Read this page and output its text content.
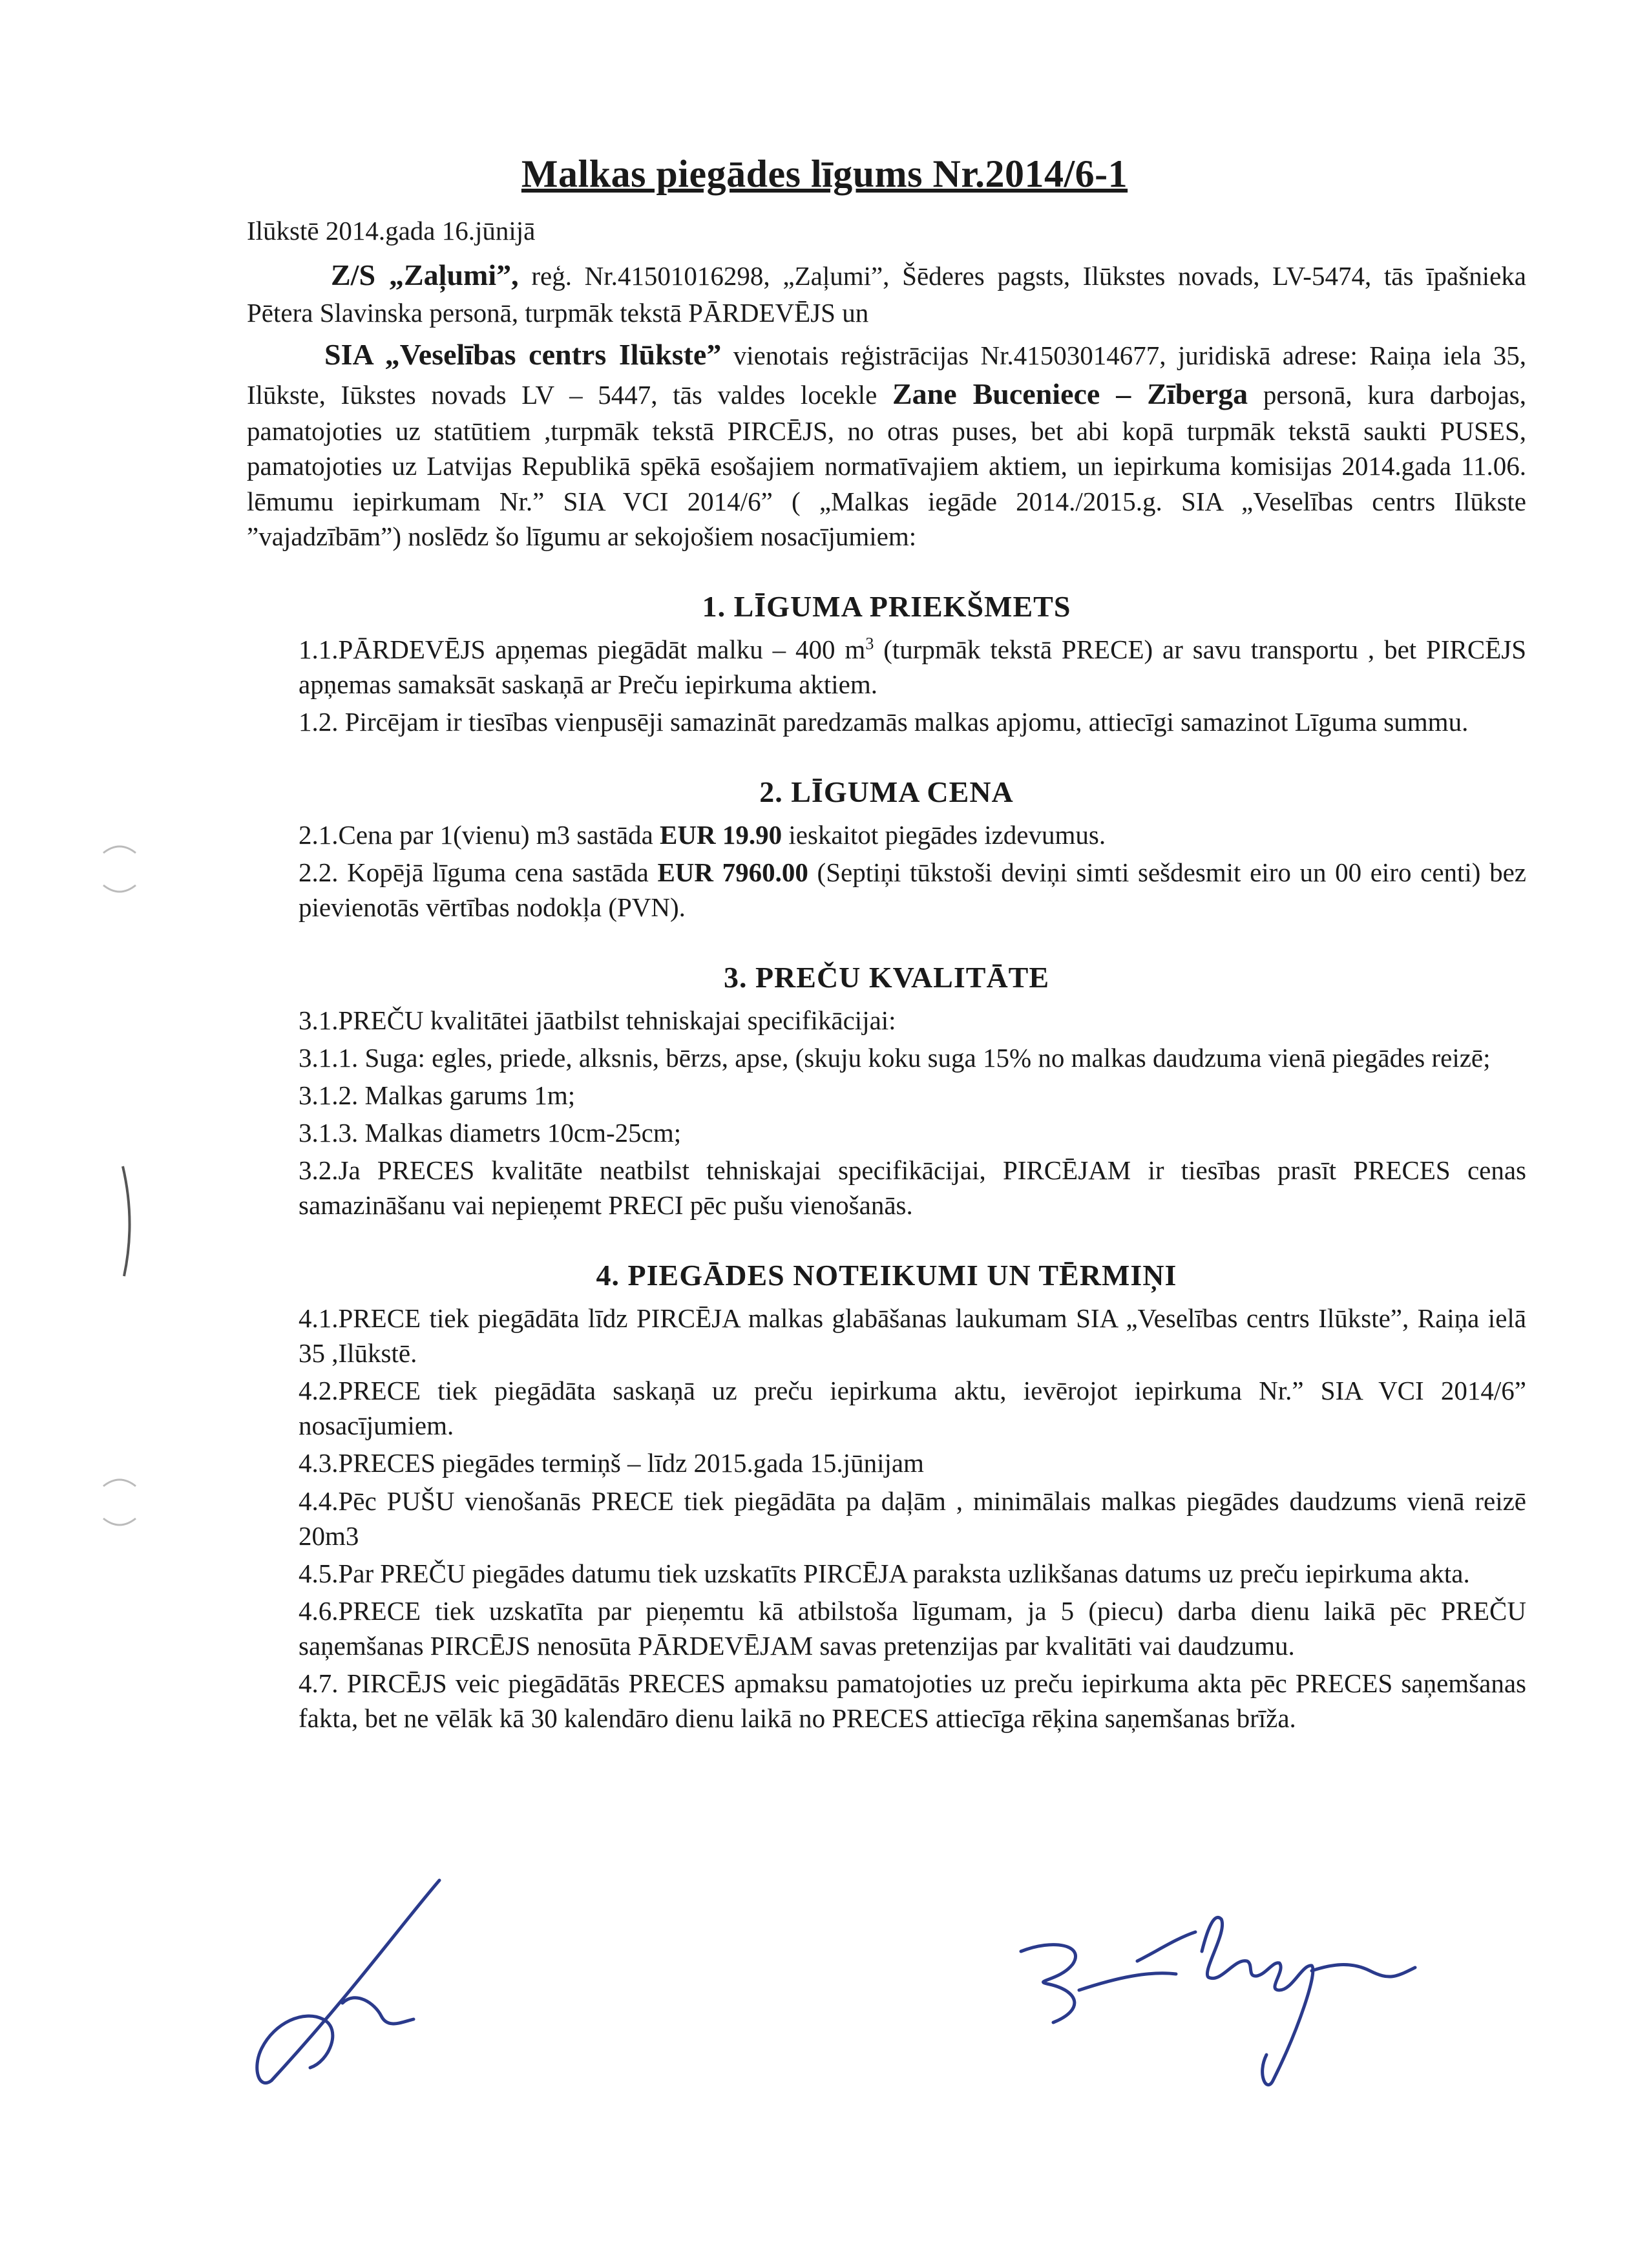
Malkas piegādes līgums Nr.2014/6-1

Ilūkstē 2014.gada 16.jūnijā

Z/S „Zaļumi”, reģ. Nr.41501016298, „Zaļumi”, Šēderes pagsts, Ilūkstes novads, LV-5474, tās īpašnieka Pētera Slavinska personā, turpmāk tekstā PĀRDEVĒJS un

SIA „Veselības centrs Ilūkste” vienotais reģistrācijas Nr.41503014677, juridiskā adrese: Raiņa iela 35, Ilūkste, Iūkstes novads LV – 5447, tās valdes locekle Zane Buceniece – Zīberga personā, kura darbojas, pamatojoties uz statūtiem ,turpmāk tekstā PIRCĒJS, no otras puses, bet abi kopā turpmāk tekstā saukti PUSES, pamatojoties uz Latvijas Republikā spēkā esošajiem normatīvajiem aktiem, un iepirkuma komisijas 2014.gada 11.06. lēmumu iepirkumam Nr.” SIA VCI 2014/6” ( „Malkas iegāde 2014./2015.g. SIA „Veselības centrs Ilūkste ”vajadzībām”) noslēdz šo līgumu ar sekojošiem nosacījumiem:

1. LĪGUMA PRIEKŠMETS

1.1.PĀRDEVĒJS apņemas piegādāt malku – 400 $m^3$ (turpmāk tekstā PRECE) ar savu transportu , bet PIRCĒJS apņemas samaksāt saskaņā ar Preču iepirkuma aktiem.

1.2. Pircējam ir tiesības vienpusēji samazināt paredzamās malkas apjomu, attiecīgi samazinot Līguma summu.

2. LĪGUMA CENA

2.1.Cena par 1(vienu) m3 sastāda EUR 19.90 ieskaitot piegādes izdevumus.

2.2. Kopējā līguma cena sastāda EUR 7960.00 (Septiņi tūkstoši deviņi simti sešdesmit eiro un 00 eiro centi) bez pievienotās vērtības nodokļa (PVN).

3. PREČU KVALITĀTE

3.1.PREČU kvalitātei jāatbilst tehniskajai specifikācijai:

3.1.1. Suga: egles, priede, alksnis, bērzs, apse, (skuju koku suga 15% no malkas daudzuma vienā piegādes reizē;

3.1.2. Malkas garums 1m;

3.1.3. Malkas diametrs 10cm-25cm;

3.2.Ja PRECES kvalitāte neatbilst tehniskajai specifikācijai, PIRCĒJAM ir tiesības prasīt PRECES cenas samazināšanu vai nepieņemt PRECI pēc pušu vienošanās.

4. PIEGĀDES NOTEIKUMI UN TĒRMIŅI

4.1.PRECE tiek piegādāta līdz PIRCĒJA malkas glabāšanas laukumam SIA „Veselības centrs Ilūkste”, Raiņa ielā 35 ,Ilūkstē.

4.2.PRECE tiek piegādāta saskaņā uz preču iepirkuma aktu, ievērojot iepirkuma Nr.” SIA VCI 2014/6” nosacījumiem.

4.3.PRECES piegādes termiņš – līdz 2015.gada 15.jūnijam

4.4.Pēc PUŠU vienošanās PRECE tiek piegādāta pa daļām , minimālais malkas piegādes daudzums vienā reizē 20m3

4.5.Par PREČU piegādes datumu tiek uzskatīts PIRCĒJA paraksta uzlikšanas datums uz preču iepirkuma akta.

4.6.PRECE tiek uzskatīta par pieņemtu kā atbilstoša līgumam, ja 5 (piecu) darba dienu laikā pēc PREČU saņemšanas PIRCĒJS nenosūta PĀRDEVĒJAM savas pretenzijas par kvalitāti vai daudzumu.

4.7. PIRCĒJS veic piegādātās PRECES apmaksu pamatojoties uz preču iepirkuma akta pēc PRECES saņemšanas fakta, bet ne vēlāk kā 30 kalendāro dienu laikā no PRECES attiecīga rēķina saņemšanas brīža.
